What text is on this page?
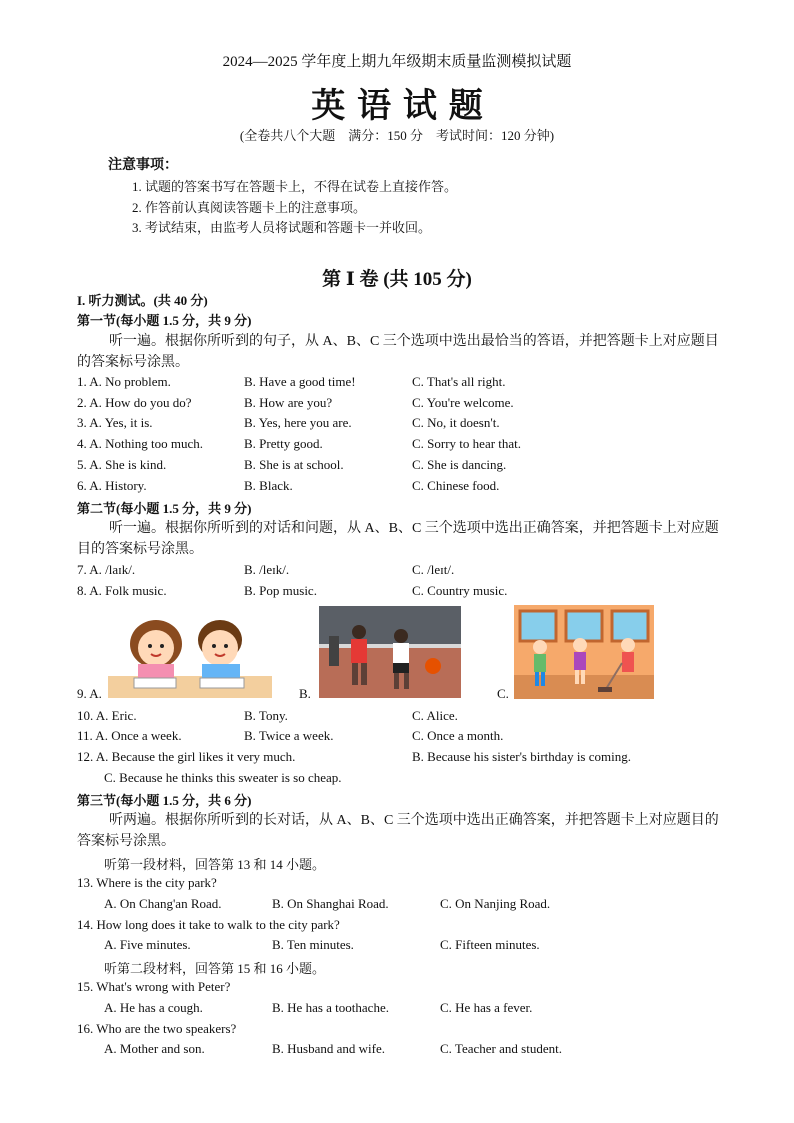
2024—2025 学年度上期九年级期末质量监测模拟试题
英 语 试 题
(全卷共八个大题　满分：150 分　考试时间：120 分钟)
注意事项：
1. 试题的答案书写在答题卡上，不得在试卷上直接作答。
2. 作答前认真阅读答题卡上的注意事项。
3. 考试结束，由监考人员将试题和答题卡一并收回。
第 Ⅰ 卷 (共 105 分)
I. 听力测试。(共 40 分)
第一节(每小题 1.5 分，共 9 分)
听一遍。根据你所听到的句子，从 A、B、C 三个选项中选出最恰当的答语，并把答题卡上对应题目的答案标号涂黑。
1. A. No problem.	B. Have a good time!	C. That's all right.
2. A. How do you do?	B. How are you?	C. You're welcome.
3. A. Yes, it is.	B. Yes, here you are.	C. No, it doesn't.
4. A. Nothing too much.	B. Pretty good.	C. Sorry to hear that.
5. A. She is kind.	B. She is at school.	C. She is dancing.
6. A. History.	B. Black.	C. Chinese food.
第二节(每小题 1.5 分，共 9 分)
听一遍。根据你所听到的对话和问题，从 A、B、C 三个选项中选出正确答案，并把答题卡上对应题目的答案标号涂黑。
7. A. /laɪk/.	B. /leɪk/.	C. /leɪt/.
8. A. Folk music.	B. Pop music.	C. Country music.
9. A.	B.	C.
10. A. Eric.	B. Tony.	C. Alice.
11. A. Once a week.	B. Twice a week.	C. Once a month.
12. A. Because the girl likes it very much.	B. Because his sister's birthday is coming.
C. Because he thinks this sweater is so cheap.
第三节(每小题 1.5 分，共 6 分)
听两遍。根据你所听到的长对话，从 A、B、C 三个选项中选出正确答案，并把答题卡上对应题目的答案标号涂黑。
听第一段材料，回答第 13 和 14 小题。
13. Where is the city park?
A. On Chang'an Road.	B. On Shanghai Road.	C. On Nanjing Road.
14. How long does it take to walk to the city park?
A. Five minutes.	B. Ten minutes.	C. Fifteen minutes.
听第二段材料，回答第 15 和 16 小题。
15. What's wrong with Peter?
A. He has a cough.	B. He has a toothache.	C. He has a fever.
16. Who are the two speakers?
A. Mother and son.	B. Husband and wife.	C. Teacher and student.
